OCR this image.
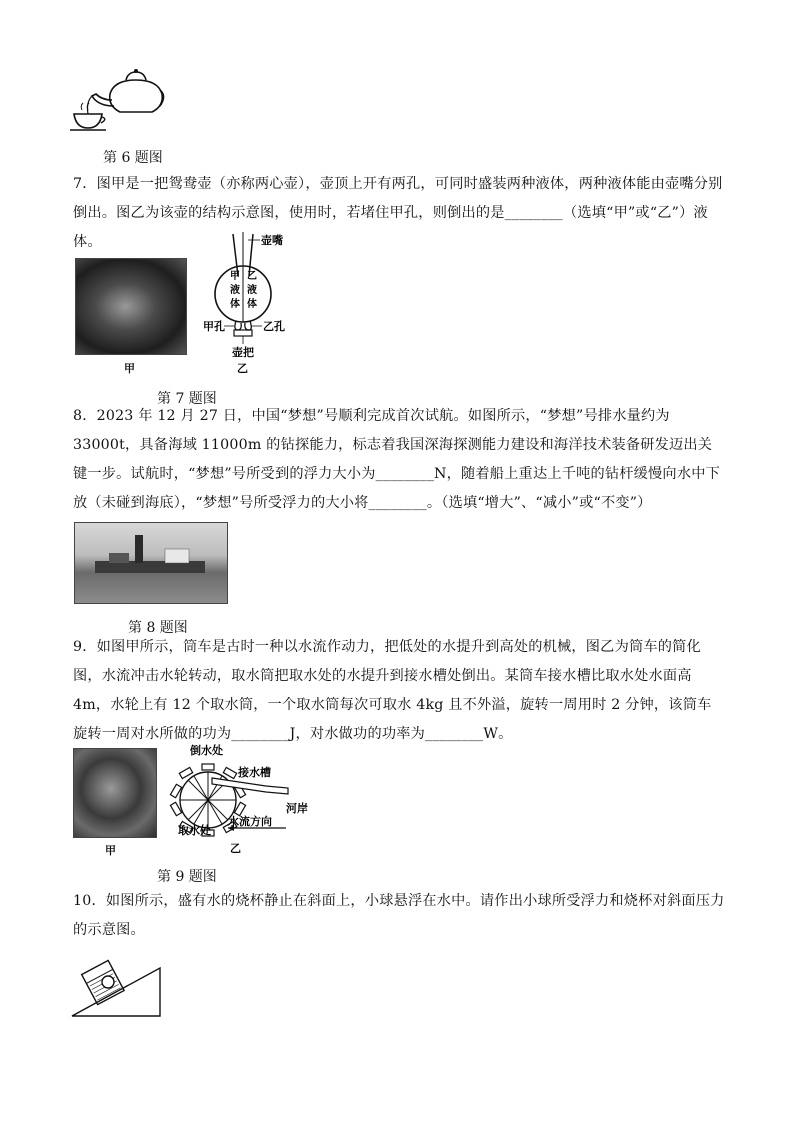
第 6 题图
7．图甲是一把鸳鸯壶（亦称两心壶），壶顶上开有两孔，可同时盛装两种液体，两种液体能由壶嘴分别倒出。图乙为该壶的结构示意图，使用时，若堵住甲孔，则倒出的是________（选填“甲”或“乙”）液体。
甲
壶嘴
甲
液
体
乙
液
体
甲孔	乙孔
壶把
乙
第 7 题图
8．2023 年 12 月 27 日，中国“梦想”号顺利完成首次试航。如图所示，“梦想”号排水量约为 33000t，具备海域 11000m 的钻探能力，标志着我国深海探测能力建设和海洋技术装备研发迈出关键一步。试航时，“梦想”号所受到的浮力大小为________N，随着船上重达上千吨的钻杆缓慢向水中下放（未碰到海底），“梦想”号所受浮力的大小将________。（选填“增大”、“减小”或“不变”）
第 8 题图
9．如图甲所示，筒车是古时一种以水流作动力，把低处的水提升到高处的机械，图乙为筒车的简化图，水流冲击水轮转动，取水筒把取水处的水提升到接水槽处倒出。某筒车接水槽比取水处水面高 4m，水轮上有 12 个取水筒，一个取水筒每次可取水 4kg 且不外溢，旋转一周用时 2 分钟，该筒车旋转一周对水所做的功为________J，对水做功的功率为________W。
甲
倒水处
接水槽
河岸
水流方向
取水处
乙
第 9 题图
10．如图所示，盛有水的烧杯静止在斜面上，小球悬浮在水中。请作出小球所受浮力和烧杯对斜面压力的示意图。
